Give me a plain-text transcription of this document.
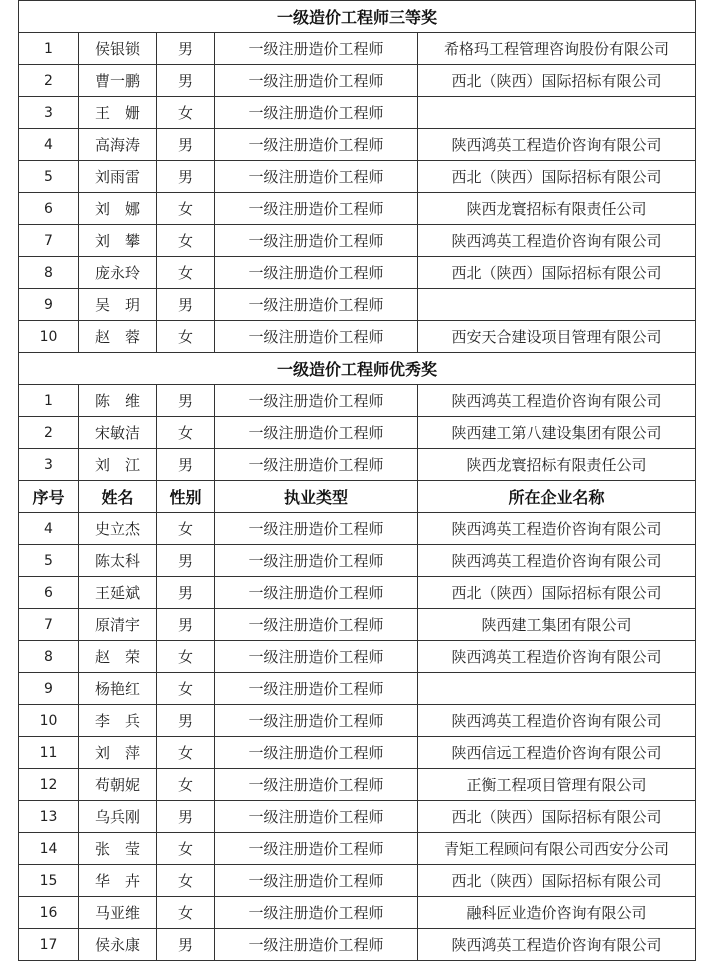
一级造价工程师三等奖				
1	侯银锁	男	一级注册造价工程师	希格玛工程管理咨询股份有限公司
2	曹一鹏	男	一级注册造价工程师	西北（陕西）国际招标有限公司
3	王　姗	女	一级注册造价工程师	
4	高海涛	男	一级注册造价工程师	陕西鸿英工程造价咨询有限公司
5	刘雨雷	男	一级注册造价工程师	西北（陕西）国际招标有限公司
6	刘　娜	女	一级注册造价工程师	陕西龙寰招标有限责任公司
7	刘　攀	女	一级注册造价工程师	陕西鸿英工程造价咨询有限公司
8	庞永玲	女	一级注册造价工程师	西北（陕西）国际招标有限公司
9	吴　玥	男	一级注册造价工程师	
10	赵　蓉	女	一级注册造价工程师	西安天合建设项目管理有限公司
一级造价工程师优秀奖				
1	陈　维	男	一级注册造价工程师	陕西鸿英工程造价咨询有限公司
2	宋敏洁	女	一级注册造价工程师	陕西建工第八建设集团有限公司
3	刘　江	男	一级注册造价工程师	陕西龙寰招标有限责任公司
序号	姓名	性别	执业类型	所在企业名称
4	史立杰	女	一级注册造价工程师	陕西鸿英工程造价咨询有限公司
5	陈太科	男	一级注册造价工程师	陕西鸿英工程造价咨询有限公司
6	王延斌	男	一级注册造价工程师	西北（陕西）国际招标有限公司
7	原清宇	男	一级注册造价工程师	陕西建工集团有限公司
8	赵　荣	女	一级注册造价工程师	陕西鸿英工程造价咨询有限公司
9	杨艳红	女	一级注册造价工程师	
10	李　兵	男	一级注册造价工程师	陕西鸿英工程造价咨询有限公司
11	刘　萍	女	一级注册造价工程师	陕西信远工程造价咨询有限公司
12	苟朝妮	女	一级注册造价工程师	正衡工程项目管理有限公司
13	乌兵刚	男	一级注册造价工程师	西北（陕西）国际招标有限公司
14	张　莹	女	一级注册造价工程师	青矩工程顾问有限公司西安分公司
15	华　卉	女	一级注册造价工程师	西北（陕西）国际招标有限公司
16	马亚维	女	一级注册造价工程师	融科匠业造价咨询有限公司
17	侯永康	男	一级注册造价工程师	陕西鸿英工程造价咨询有限公司
